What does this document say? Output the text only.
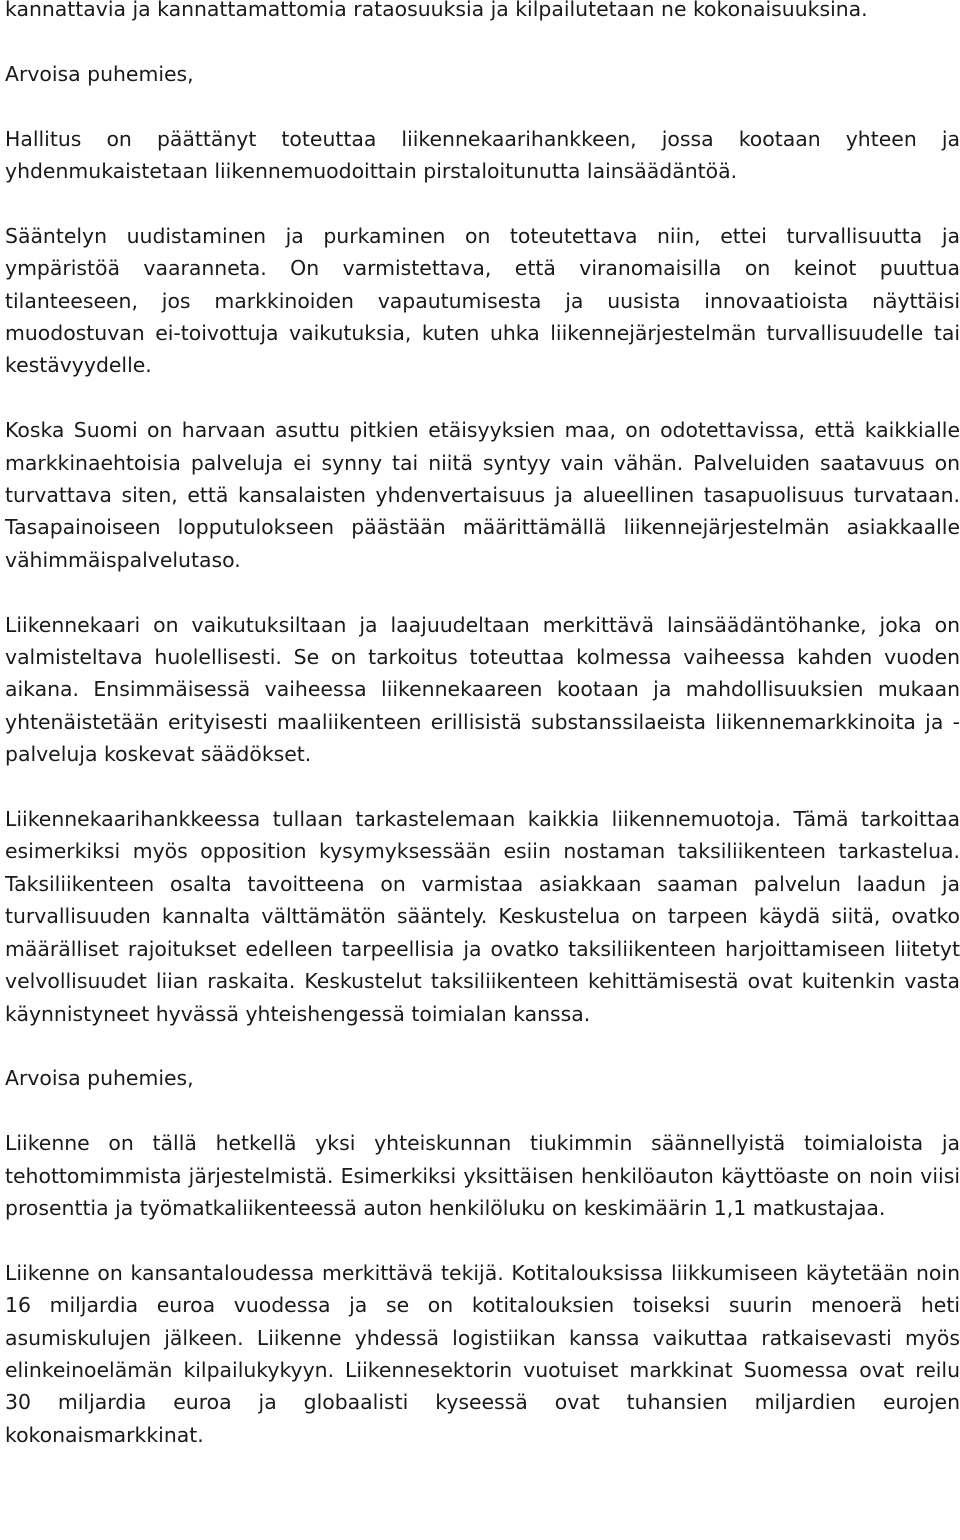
kannattavia ja kannattamattomia rataosuuksia ja kilpailutetaan ne kokonaisuuksina.

Arvoisa puhemies,

Hallitus on päättänyt toteuttaa liikennekaarihankkeen, jossa kootaan yhteen ja yhdenmukaistetaan liikennemuodoittain pirstaloitunutta lainsäädäntöä.

Sääntelyn uudistaminen ja purkaminen on toteutettava niin, ettei turvallisuutta ja ympäristöä vaaranneta. On varmistettava, että viranomaisilla on keinot puuttua tilanteeseen, jos markkinoiden vapautumisesta ja uusista innovaatioista näyttäisi muodostuvan ei-toivottuja vaikutuksia, kuten uhka liikennejärjestelmän turvallisuudelle tai kestävyydelle.

Koska Suomi on harvaan asuttu pitkien etäisyyksien maa, on odotettavissa, että kaikkialle markkinaehtoisia palveluja ei synny tai niitä syntyy vain vähän. Palveluiden saatavuus on turvattava siten, että kansalaisten yhdenvertaisuus ja alueellinen tasapuolisuus turvataan. Tasapainoiseen lopputulokseen päästään määrittämällä liikennejärjestelmän asiakkaalle vähimmäispalvelutaso.

Liikennekaari on vaikutuksiltaan ja laajuudeltaan merkittävä lainsäädäntöhanke, joka on valmisteltava huolellisesti. Se on tarkoitus toteuttaa kolmessa vaiheessa kahden vuoden aikana. Ensimmäisessä vaiheessa liikennekaareen kootaan ja mahdollisuuksien mukaan yhtenäistetään erityisesti maaliikenteen erillisistä substanssilaeista liikennemarkkinoita ja -palveluja koskevat säädökset.

Liikennekaarihankkeessa tullaan tarkastelemaan kaikkia liikennemuotoja. Tämä tarkoittaa esimerkiksi myös opposition kysymyksessään esiin nostaman taksiliikenteen tarkastelua. Taksiliikenteen osalta tavoitteena on varmistaa asiakkaan saaman palvelun laadun ja turvallisuuden kannalta välttämätön sääntely. Keskustelua on tarpeen käydä siitä, ovatko määrälliset rajoitukset edelleen tarpeellisia ja ovatko taksiliikenteen harjoittamiseen liitetyt velvollisuudet liian raskaita. Keskustelut taksiliikenteen kehittämisestä ovat kuitenkin vasta käynnistyneet hyvässä yhteishengessä toimialan kanssa.

Arvoisa puhemies,

Liikenne on tällä hetkellä yksi yhteiskunnan tiukimmin säännellyistä toimialoista ja tehottomimmista järjestelmistä. Esimerkiksi yksittäisen henkilöauton käyttöaste on noin viisi prosenttia ja työmatkaliikenteessä auton henkilöluku on keskimäärin 1,1 matkustajaa.

Liikenne on kansantaloudessa merkittävä tekijä. Kotitalouksissa liikkumiseen käytetään noin 16 miljardia euroa vuodessa ja se on kotitalouksien toiseksi suurin menoerä heti asumiskulujen jälkeen. Liikenne yhdessä logistiikan kanssa vaikuttaa ratkaisevasti myös elinkeinoelämän kilpailukykyyn. Liikennesektorin vuotuiset markkinat Suomessa ovat reilu 30 miljardia euroa ja globaalisti kyseessä ovat tuhansien miljardien eurojen kokonaismarkkinat.
